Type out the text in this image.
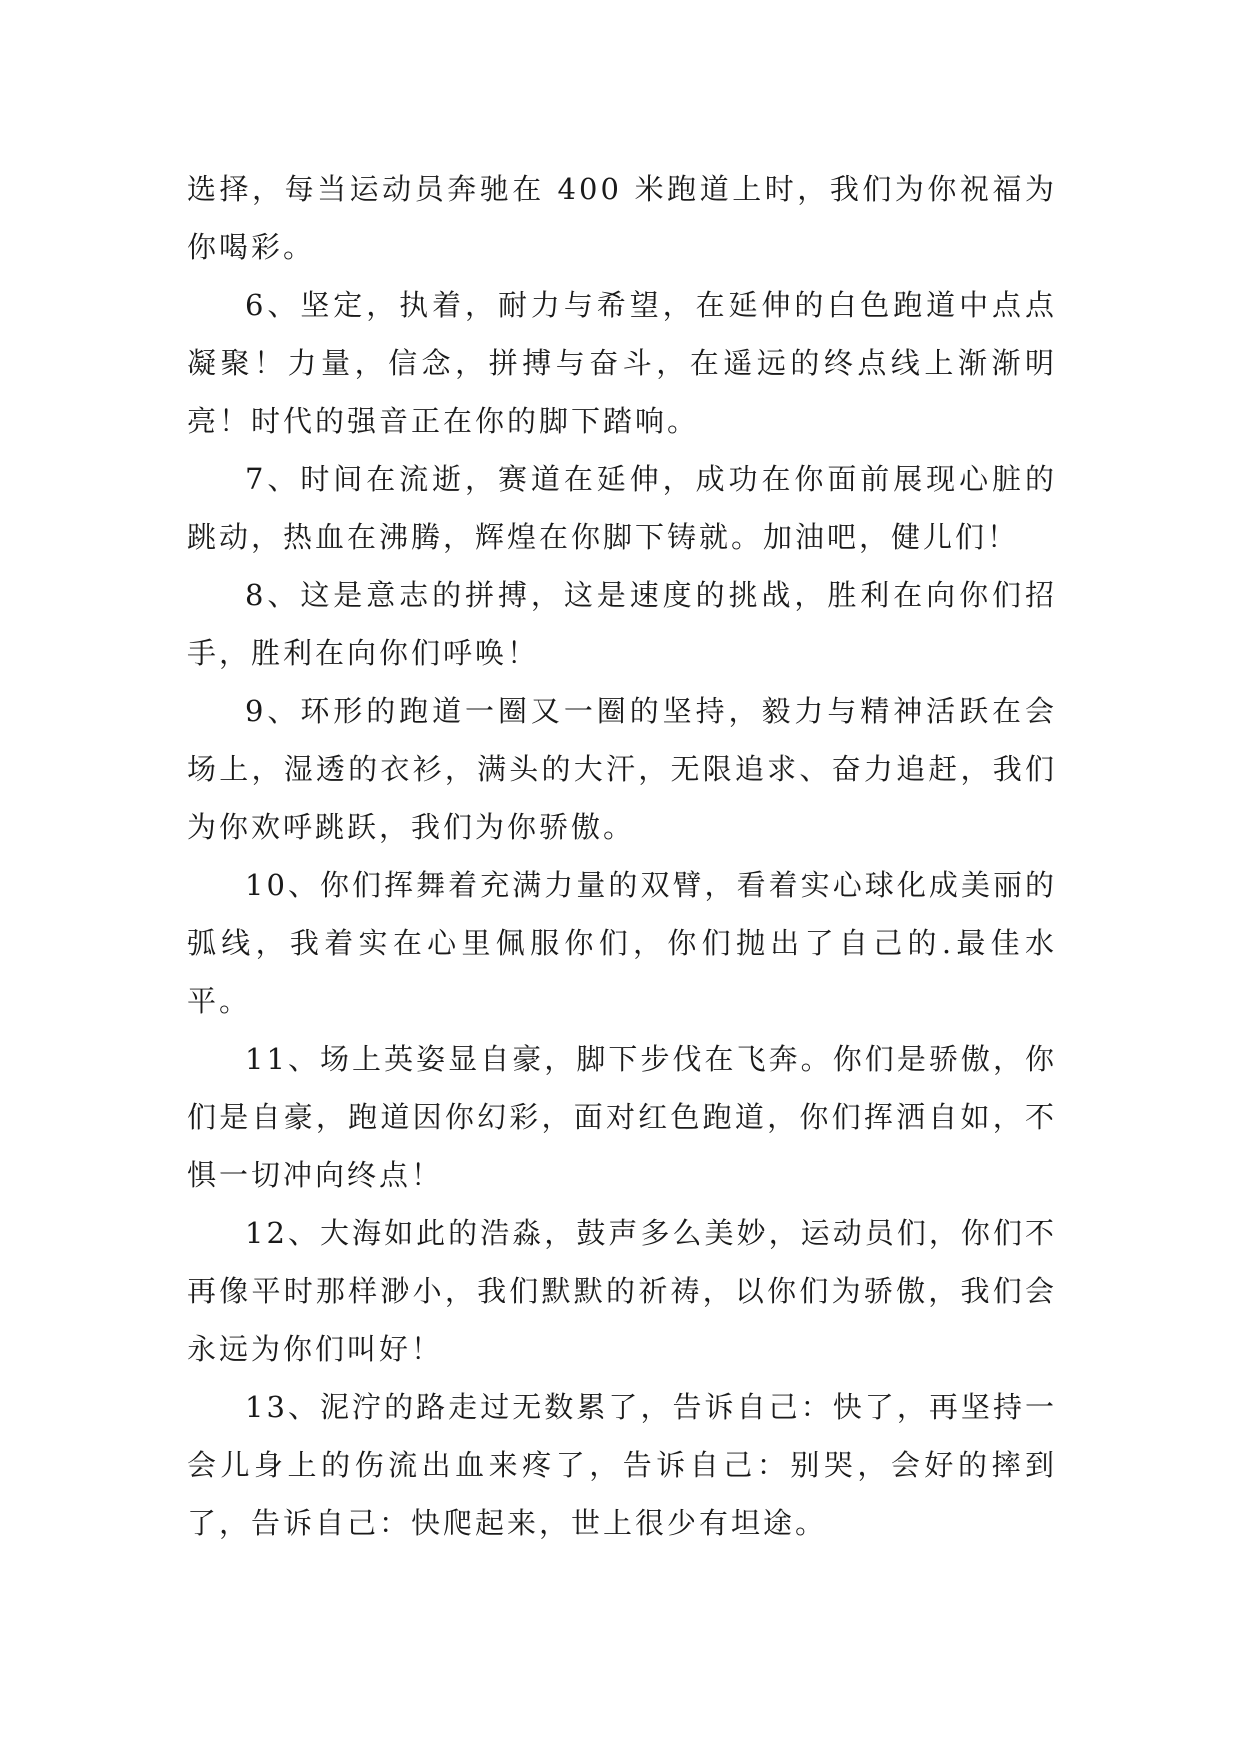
选择，每当运动员奔驰在 400 米跑道上时，我们为你祝福为你喝彩。

6、坚定，执着，耐力与希望，在延伸的白色跑道中点点凝聚！力量，信念，拼搏与奋斗，在遥远的终点线上渐渐明亮！时代的强音正在你的脚下踏响。

7、时间在流逝，赛道在延伸，成功在你面前展现心脏的跳动，热血在沸腾，辉煌在你脚下铸就。加油吧，健儿们！

8、这是意志的拼搏，这是速度的挑战，胜利在向你们招手，胜利在向你们呼唤！

9、环形的跑道一圈又一圈的坚持，毅力与精神活跃在会场上，湿透的衣衫，满头的大汗，无限追求、奋力追赶，我们为你欢呼跳跃，我们为你骄傲。

10、你们挥舞着充满力量的双臂，看着实心球化成美丽的弧线，我着实在心里佩服你们，你们抛出了自己的.最佳水平。

11、场上英姿显自豪，脚下步伐在飞奔。你们是骄傲，你们是自豪，跑道因你幻彩，面对红色跑道，你们挥洒自如，不惧一切冲向终点！

12、大海如此的浩淼，鼓声多么美妙，运动员们，你们不再像平时那样渺小，我们默默的祈祷，以你们为骄傲，我们会永远为你们叫好！

13、泥泞的路走过无数累了，告诉自己：快了，再坚持一会儿身上的伤流出血来疼了，告诉自己：别哭，会好的摔到了，告诉自己：快爬起来，世上很少有坦途。
